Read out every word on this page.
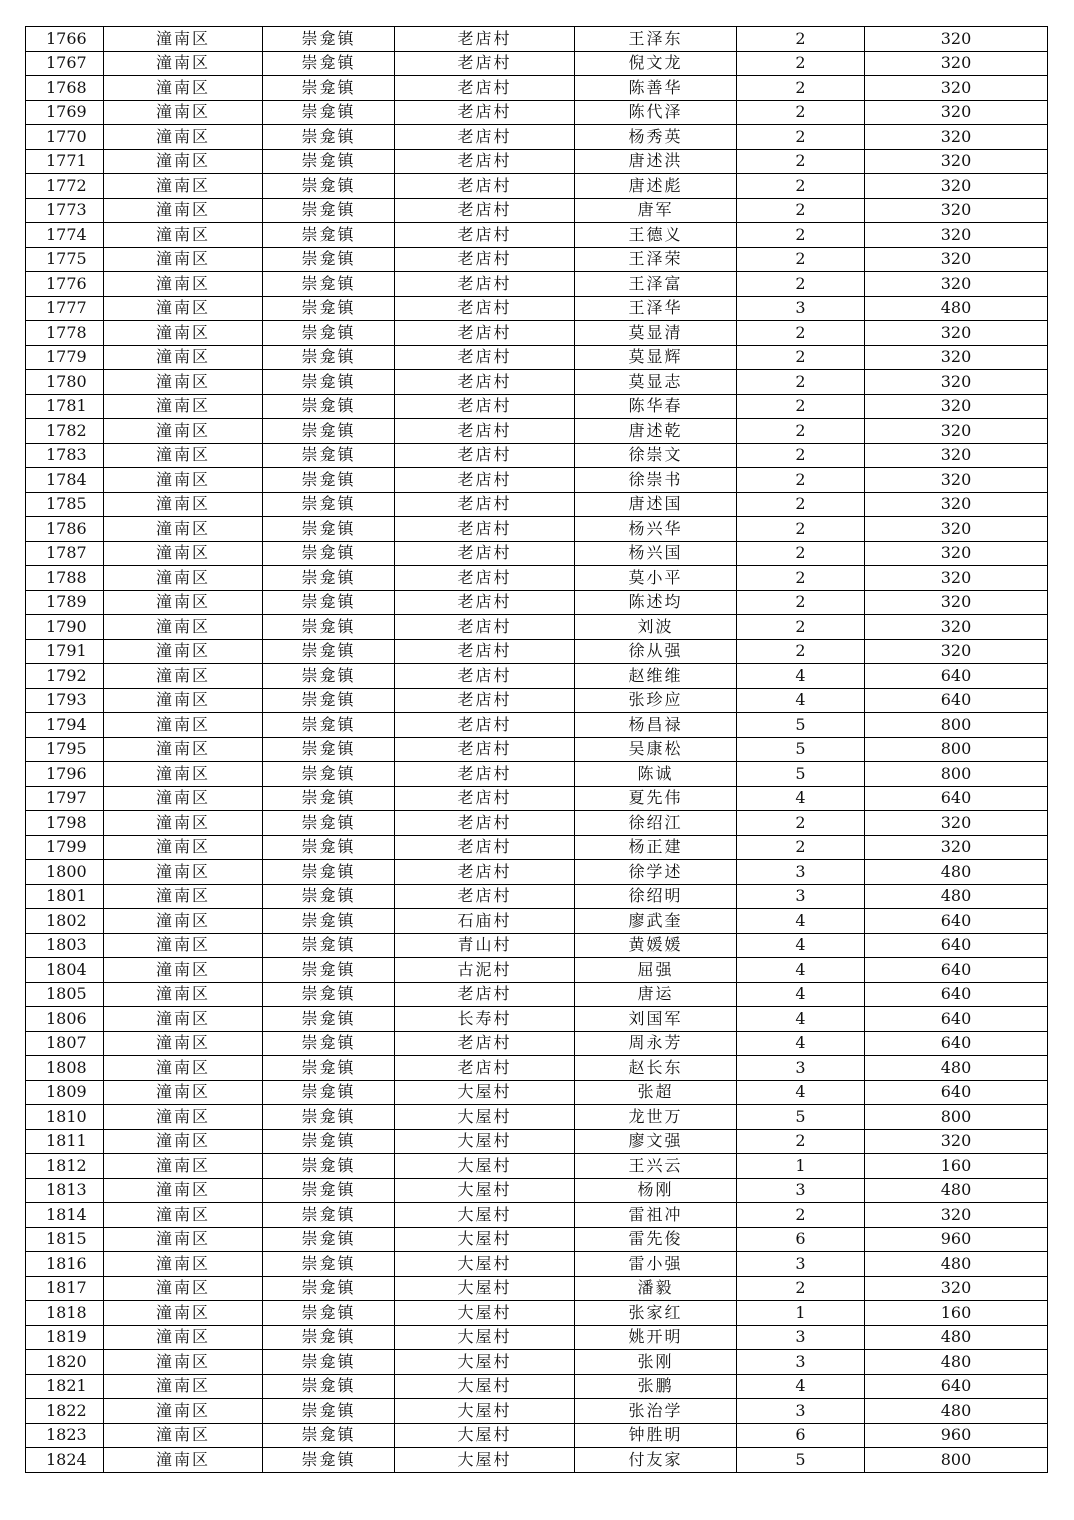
1766	潼南区	崇龛镇	老店村	王泽东	2	320
1767	潼南区	崇龛镇	老店村	倪文龙	2	320
1768	潼南区	崇龛镇	老店村	陈善华	2	320
1769	潼南区	崇龛镇	老店村	陈代泽	2	320
1770	潼南区	崇龛镇	老店村	杨秀英	2	320
1771	潼南区	崇龛镇	老店村	唐述洪	2	320
1772	潼南区	崇龛镇	老店村	唐述彪	2	320
1773	潼南区	崇龛镇	老店村	唐军	2	320
1774	潼南区	崇龛镇	老店村	王德义	2	320
1775	潼南区	崇龛镇	老店村	王泽荣	2	320
1776	潼南区	崇龛镇	老店村	王泽富	2	320
1777	潼南区	崇龛镇	老店村	王泽华	3	480
1778	潼南区	崇龛镇	老店村	莫显清	2	320
1779	潼南区	崇龛镇	老店村	莫显辉	2	320
1780	潼南区	崇龛镇	老店村	莫显志	2	320
1781	潼南区	崇龛镇	老店村	陈华春	2	320
1782	潼南区	崇龛镇	老店村	唐述乾	2	320
1783	潼南区	崇龛镇	老店村	徐崇文	2	320
1784	潼南区	崇龛镇	老店村	徐崇书	2	320
1785	潼南区	崇龛镇	老店村	唐述国	2	320
1786	潼南区	崇龛镇	老店村	杨兴华	2	320
1787	潼南区	崇龛镇	老店村	杨兴国	2	320
1788	潼南区	崇龛镇	老店村	莫小平	2	320
1789	潼南区	崇龛镇	老店村	陈述均	2	320
1790	潼南区	崇龛镇	老店村	刘波	2	320
1791	潼南区	崇龛镇	老店村	徐从强	2	320
1792	潼南区	崇龛镇	老店村	赵维维	4	640
1793	潼南区	崇龛镇	老店村	张珍应	4	640
1794	潼南区	崇龛镇	老店村	杨昌禄	5	800
1795	潼南区	崇龛镇	老店村	吴康松	5	800
1796	潼南区	崇龛镇	老店村	陈诚	5	800
1797	潼南区	崇龛镇	老店村	夏先伟	4	640
1798	潼南区	崇龛镇	老店村	徐绍江	2	320
1799	潼南区	崇龛镇	老店村	杨正建	2	320
1800	潼南区	崇龛镇	老店村	徐学述	3	480
1801	潼南区	崇龛镇	老店村	徐绍明	3	480
1802	潼南区	崇龛镇	石庙村	廖武奎	4	640
1803	潼南区	崇龛镇	青山村	黄媛媛	4	640
1804	潼南区	崇龛镇	古泥村	屈强	4	640
1805	潼南区	崇龛镇	老店村	唐运	4	640
1806	潼南区	崇龛镇	长寿村	刘国军	4	640
1807	潼南区	崇龛镇	老店村	周永芳	4	640
1808	潼南区	崇龛镇	老店村	赵长东	3	480
1809	潼南区	崇龛镇	大屋村	张超	4	640
1810	潼南区	崇龛镇	大屋村	龙世万	5	800
1811	潼南区	崇龛镇	大屋村	廖文强	2	320
1812	潼南区	崇龛镇	大屋村	王兴云	1	160
1813	潼南区	崇龛镇	大屋村	杨刚	3	480
1814	潼南区	崇龛镇	大屋村	雷祖冲	2	320
1815	潼南区	崇龛镇	大屋村	雷先俊	6	960
1816	潼南区	崇龛镇	大屋村	雷小强	3	480
1817	潼南区	崇龛镇	大屋村	潘毅	2	320
1818	潼南区	崇龛镇	大屋村	张家红	1	160
1819	潼南区	崇龛镇	大屋村	姚开明	3	480
1820	潼南区	崇龛镇	大屋村	张刚	3	480
1821	潼南区	崇龛镇	大屋村	张鹏	4	640
1822	潼南区	崇龛镇	大屋村	张治学	3	480
1823	潼南区	崇龛镇	大屋村	钟胜明	6	960
1824	潼南区	崇龛镇	大屋村	付友家	5	800
